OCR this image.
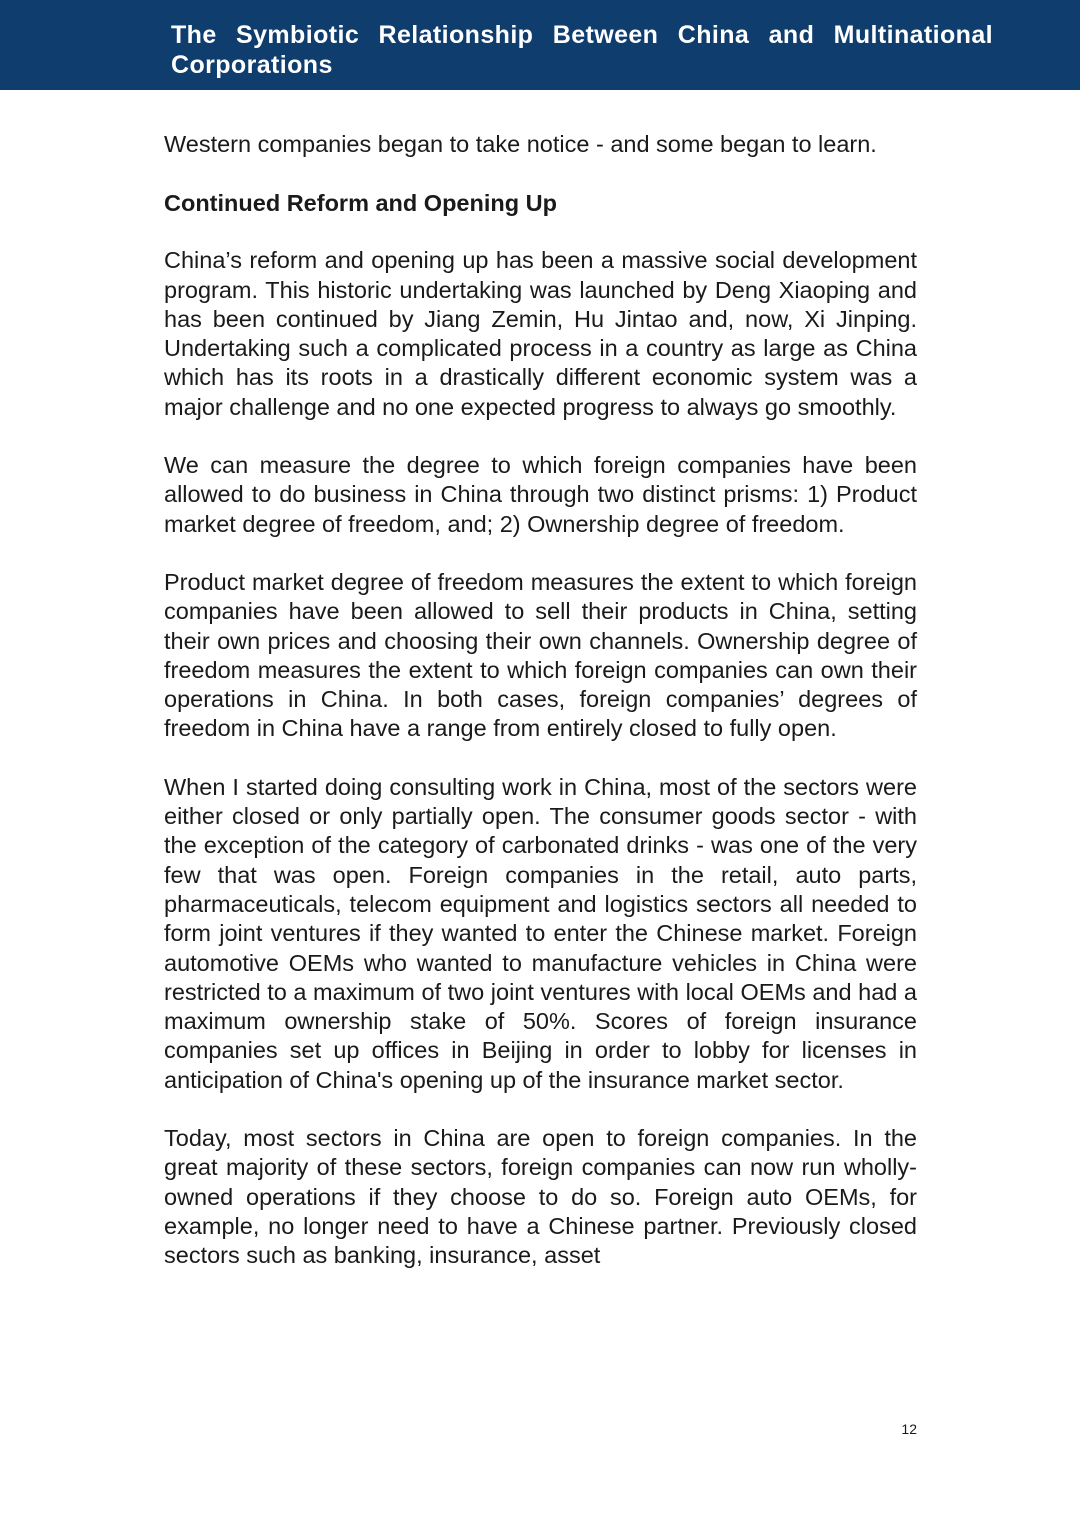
The Symbiotic Relationship Between China and Multinational Corporations

Western companies began to take notice - and some began to learn.

Continued Reform and Opening Up

China’s reform and opening up has been a massive social development program. This historic undertaking was launched by Deng Xiaoping and has been continued by Jiang Zemin, Hu Jintao and, now, Xi Jinping. Undertaking such a complicated process in a country as large as China which has its roots in a drastically different economic system was a major challenge and no one expected progress to always go smoothly.

We can measure the degree to which foreign companies have been allowed to do business in China through two distinct prisms: 1) Product market degree of freedom, and; 2) Ownership degree of freedom.

Product market degree of freedom measures the extent to which foreign companies have been allowed to sell their products in China, setting their own prices and choosing their own channels. Ownership degree of freedom measures the extent to which foreign companies can own their operations in China. In both cases, foreign companies’ degrees of freedom in China have a range from entirely closed to fully open.

When I started doing consulting work in China, most of the sectors were either closed or only partially open. The consumer goods sector - with the exception of the category of carbonated drinks - was one of the very few that was open. Foreign companies in the retail, auto parts, pharmaceuticals, telecom equipment and logistics sectors all needed to form joint ventures if they wanted to enter the Chinese market. Foreign automotive OEMs who wanted to manufacture vehicles in China were restricted to a maximum of two joint ventures with local OEMs and had a maximum ownership stake of 50%. Scores of foreign insurance companies set up offices in Beijing in order to lobby for licenses in anticipation of China's opening up of the insurance market sector.

Today, most sectors in China are open to foreign companies. In the great majority of these sectors, foreign companies can now run wholly-owned operations if they choose to do so. Foreign auto OEMs, for example, no longer need to have a Chinese partner. Previously closed sectors such as banking, insurance, asset

12
